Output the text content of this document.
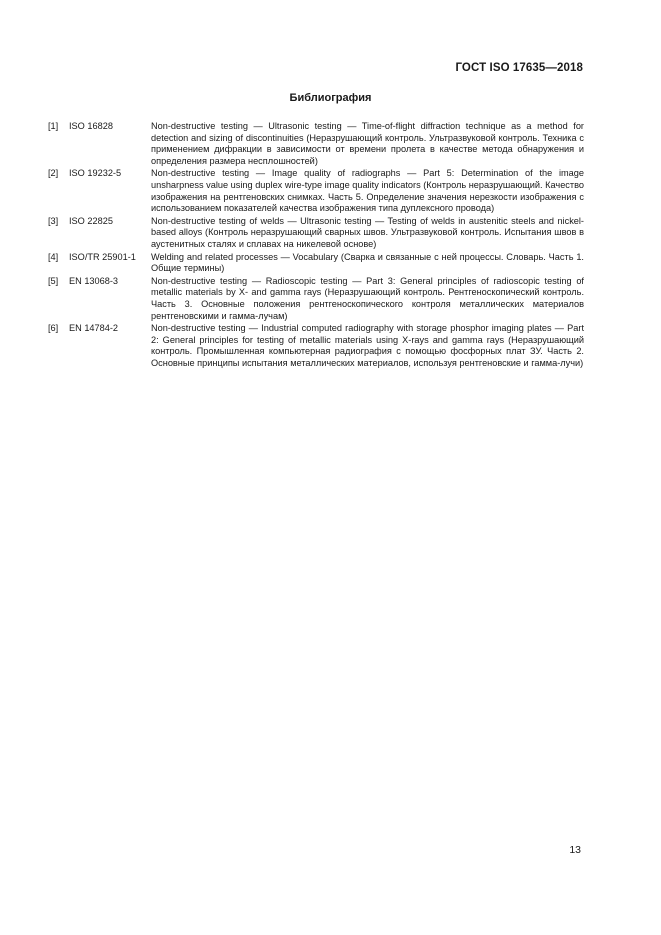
ГОСТ ISO 17635—2018
Библиография
[1]	ISO 16828	Non-destructive testing — Ultrasonic testing — Time-of-flight diffraction technique as a method for detection and sizing of discontinuities (Неразрушающий контроль. Ультразвуковой контроль. Техника с применением дифракции в зависимости от времени пролета в качестве метода обнаружения и определения размера несплошностей)
[2]	ISO 19232-5	Non-destructive testing — Image quality of radiographs — Part 5: Determination of the image unsharpness value using duplex wire-type image quality indicators (Контроль неразрушающий. Качество изображения на рентгеновских снимках. Часть 5. Определение значения нерезкости изображения с использованием показателей качества изображения типа дуплексного провода)
[3]	ISO 22825	Non-destructive testing of welds — Ultrasonic testing — Testing of welds in austenitic steels and nickel-based alloys (Контроль неразрушающий сварных швов. Ультразвуковой контроль. Испытания швов в аустенитных сталях и сплавах на никелевой основе)
[4]	ISO/TR 25901-1	Welding and related processes — Vocabulary (Сварка и связанные с ней процессы. Словарь. Часть 1. Общие термины)
[5]	EN 13068-3	Non-destructive testing — Radioscopic testing — Part 3: General principles of radioscopic testing of metallic materials by X- and gamma rays (Неразрушающий контроль. Рентгеноскопический контроль. Часть 3. Основные положения рентгеноскопического контроля металлических материалов рентгеновскими и гамма-лучам)
[6]	EN 14784-2	Non-destructive testing — Industrial computed radiography with storage phosphor imaging plates — Part 2: General principles for testing of metallic materials using X-rays and gamma rays (Неразрушающий контроль. Промышленная компьютерная радиография с помощью фосфорных плат ЗУ. Часть 2. Основные принципы испытания металлических материалов, используя рентгеновские и гамма-лучи)
13
